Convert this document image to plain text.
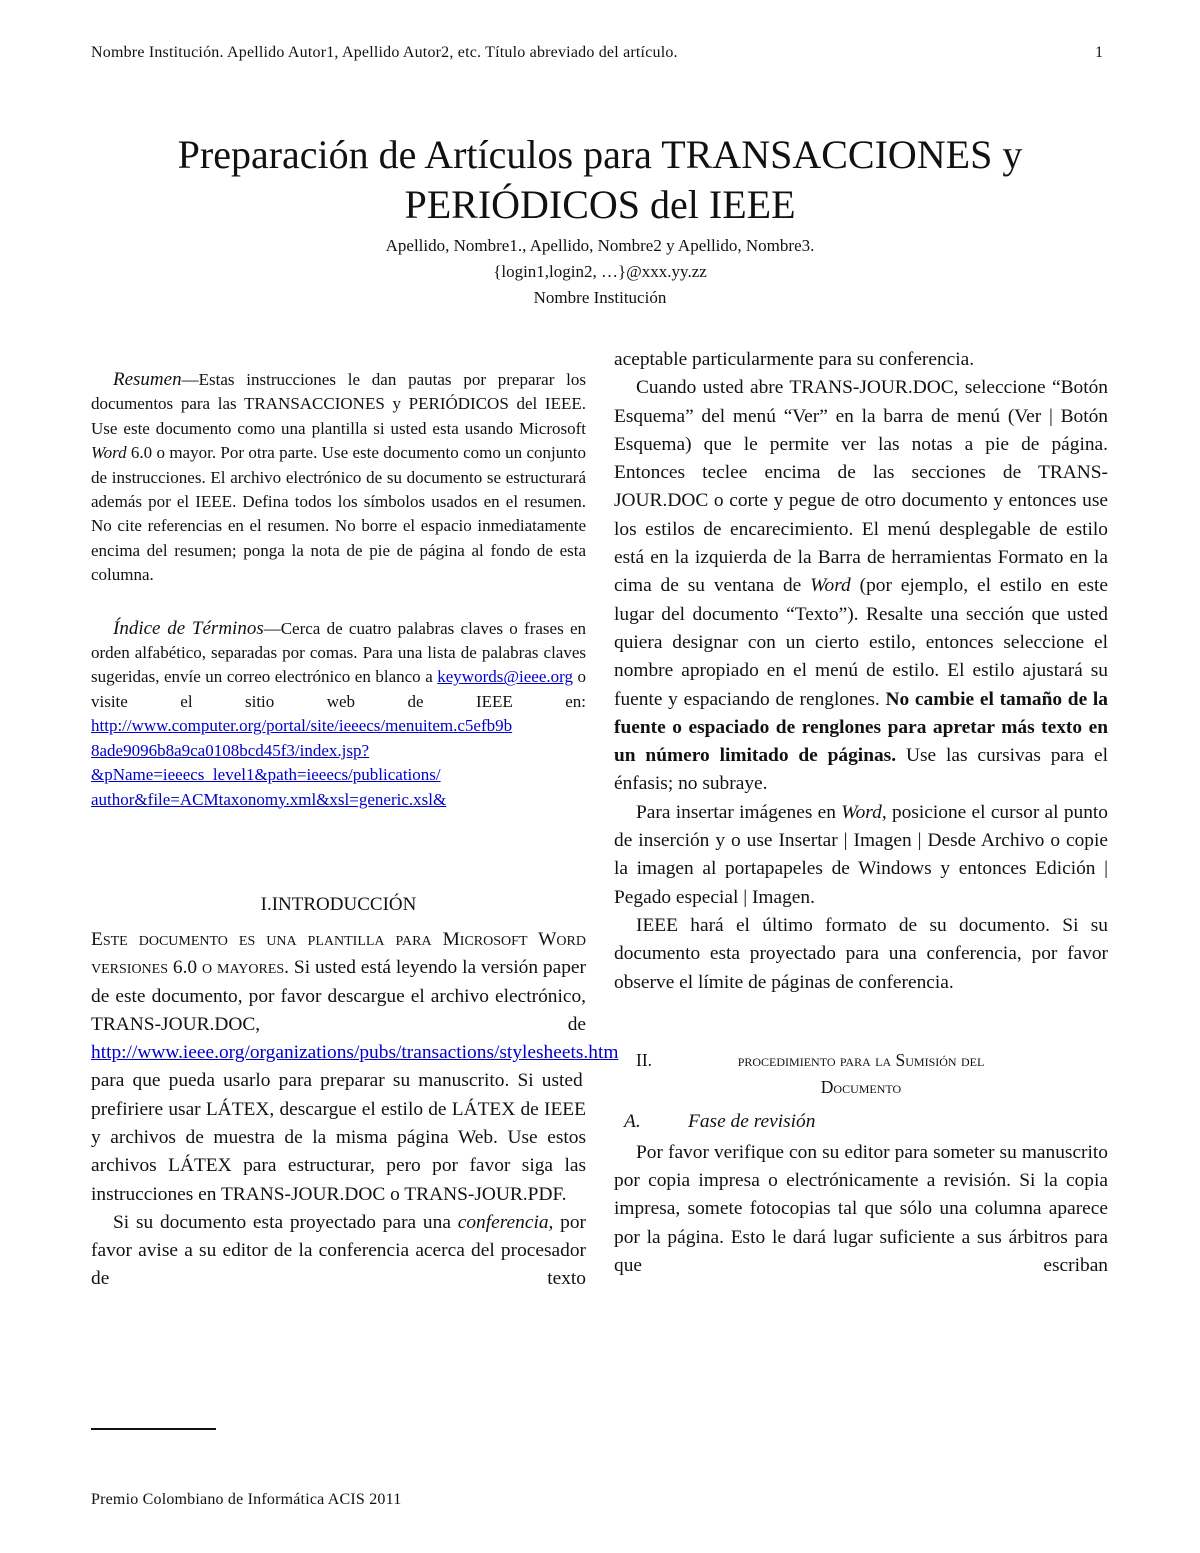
Nombre Institución. Apellido Autor1, Apellido Autor2, etc. Título abreviado del artículo.	1
Preparación de Artículos para TRANSACCIONES y
PERIÓDICOS del IEEE
Apellido, Nombre1., Apellido, Nombre2 y Apellido, Nombre3.
{login1,login2, …}@xxx.yy.zz
Nombre Institución

Resumen—Estas instrucciones le dan pautas por preparar los documentos para las TRANSACCIONES y PERIÓDICOS del IEEE. Use este documento como una plantilla si usted esta usando Microsoft Word 6.0 o mayor. Por otra parte. Use este documento como un conjunto de instrucciones. El archivo electrónico de su documento se estructurará además por el IEEE. Defina todos los símbolos usados en el resumen. No cite referencias en el resumen. No borre el espacio inmediatamente encima del resumen; ponga la nota de pie de página al fondo de esta columna.

Índice de Términos—Cerca de cuatro palabras claves o frases en orden alfabético, separadas por comas. Para una lista de palabras claves sugeridas, envíe un correo electrónico en blanco a keywords@ieee.org o visite el sitio web de IEEE en: http://www.computer.org/portal/site/ieeecs/menuitem.c5efb9b
8ade9096b8a9ca0108bcd45f3/index.jsp?
&pName=ieeecs_level1&path=ieeecs/publications/
author&file=ACMtaxonomy.xml&xsl=generic.xsl&

I.INTRODUCCIÓN

Este documento es una plantilla para Microsoft Word versiones 6.0 o mayores. Si usted está leyendo la versión paper de este documento, por favor descargue el archivo electrónico, TRANS-JOUR.DOC, de http://www.ieee.org/organizations/pubs/transactions/stylesheets.htm para que pueda usarlo para preparar su manuscrito. Si usted prefiriere usar LÁTEX, descargue el estilo de LÁTEX de IEEE y archivos de muestra de la misma página Web. Use estos archivos LÁTEX para estructurar, pero por favor siga las instrucciones en TRANS-JOUR.DOC o TRANS-JOUR.PDF.

Si su documento esta proyectado para una conferencia, por favor avise a su editor de la conferencia acerca del procesador de texto

aceptable particularmente para su conferencia.

Cuando usted abre TRANS-JOUR.DOC, seleccione “Botón Esquema” del menú “Ver” en la barra de menú (Ver | Botón Esquema) que le permite ver las notas a pie de página. Entonces teclee encima de las secciones de TRANS-JOUR.DOC o corte y pegue de otro documento y entonces use los estilos de encarecimiento. El menú desplegable de estilo está en la izquierda de la Barra de herramientas Formato en la cima de su ventana de Word (por ejemplo, el estilo en este lugar del documento “Texto”). Resalte una sección que usted quiera designar con un cierto estilo, entonces seleccione el nombre apropiado en el menú de estilo. El estilo ajustará su fuente y espaciando de renglones. No cambie el tamaño de la fuente o espaciado de renglones para apretar más texto en un número limitado de páginas. Use las cursivas para el énfasis; no subraye.

Para insertar imágenes en Word, posicione el cursor al punto de inserción y o use Insertar | Imagen | Desde Archivo o copie la imagen al portapapeles de Windows y entonces Edición | Pegado especial | Imagen.

IEEE hará el último formato de su documento. Si su documento esta proyectado para una conferencia, por favor observe el límite de páginas de conferencia.

II.	procedimiento para la Sumisión del
Documento

A. Fase de revisión

Por favor verifique con su editor para someter su manuscrito por copia impresa o electrónicamente a revisión. Si la copia impresa, somete fotocopias tal que sólo una columna aparece por la página. Esto le dará lugar suficiente a sus árbitros para que escriban

Premio Colombiano de Informática ACIS 2011
